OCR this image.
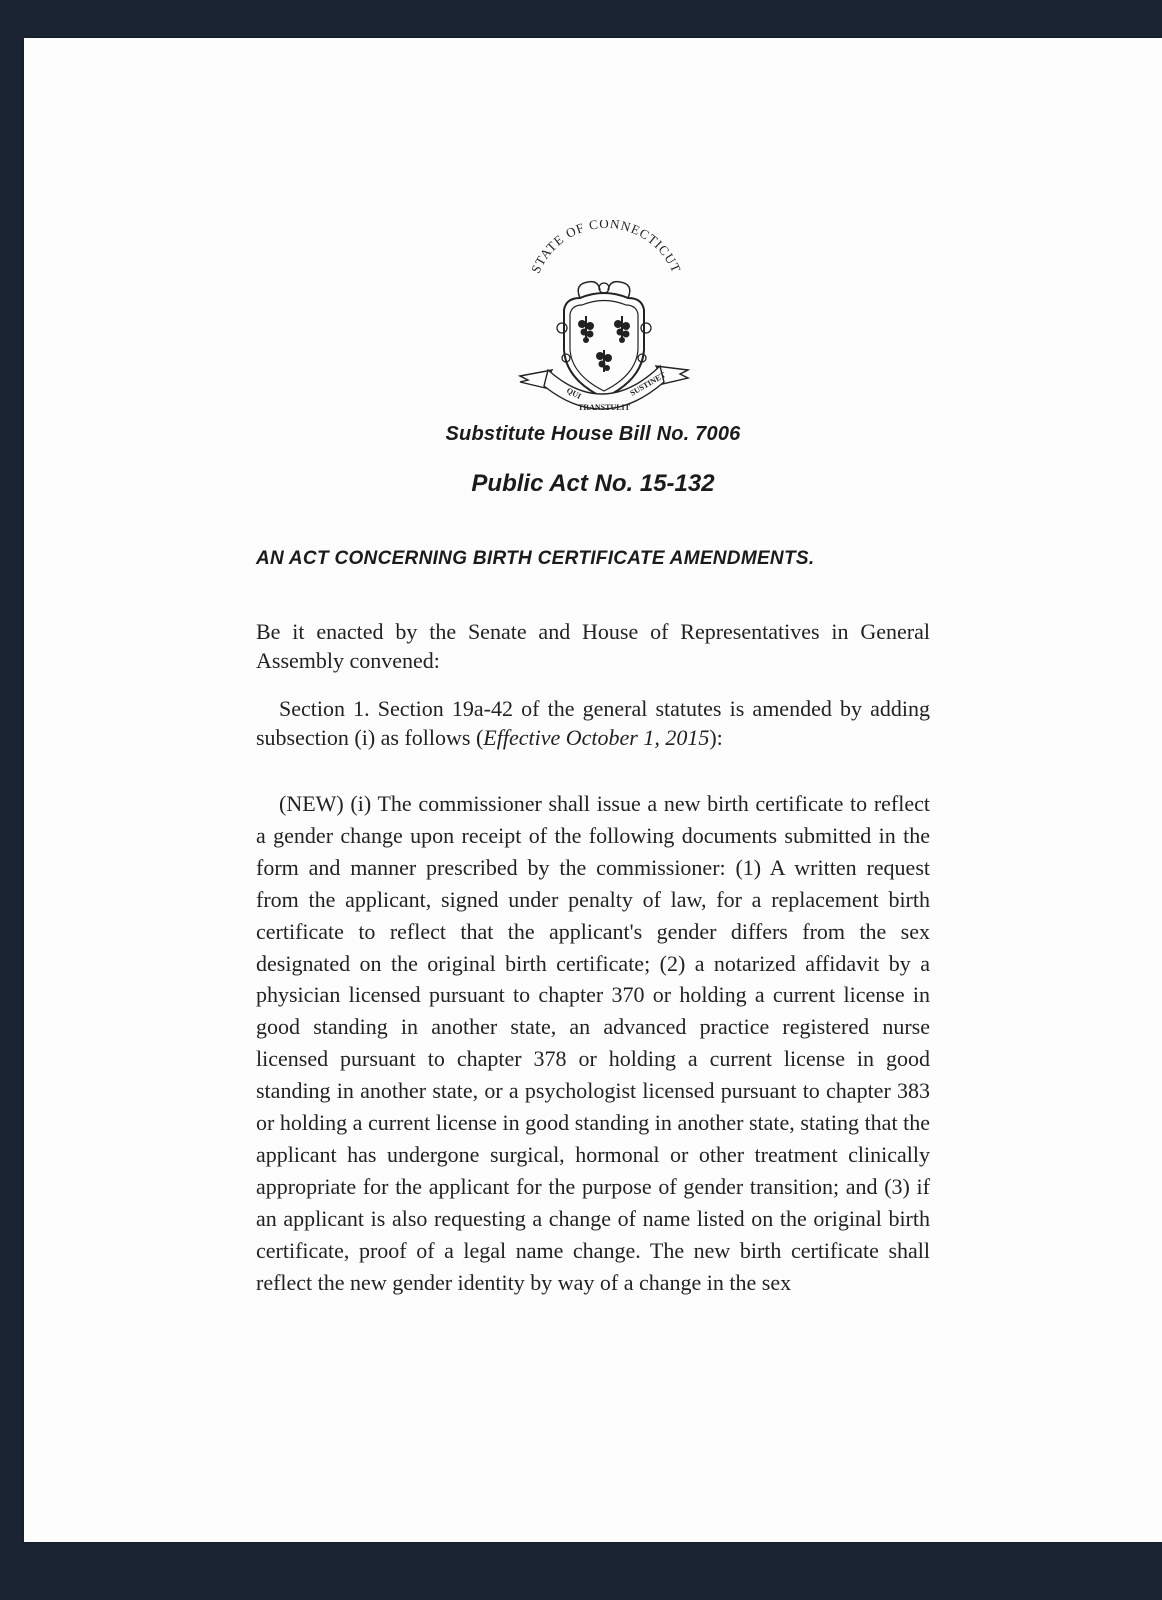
STATE OF CONNECTICUT
QUI
TRANSTULIT
SUSTINET
Substitute House Bill No. 7006
Public Act No. 15-132
AN ACT CONCERNING BIRTH CERTIFICATE AMENDMENTS.
Be it enacted by the Senate and House of Representatives in General Assembly convened:
Section 1. Section 19a-42 of the general statutes is amended by adding subsection (i) as follows (Effective October 1, 2015):
(NEW) (i) The commissioner shall issue a new birth certificate to reflect a gender change upon receipt of the following documents submitted in the form and manner prescribed by the commissioner: (1) A written request from the applicant, signed under penalty of law, for a replacement birth certificate to reflect that the applicant's gender differs from the sex designated on the original birth certificate; (2) a notarized affidavit by a physician licensed pursuant to chapter 370 or holding a current license in good standing in another state, an advanced practice registered nurse licensed pursuant to chapter 378 or holding a current license in good standing in another state, or a psychologist licensed pursuant to chapter 383 or holding a current license in good standing in another state, stating that the applicant has undergone surgical, hormonal or other treatment clinically appropriate for the applicant for the purpose of gender transition; and (3) if an applicant is also requesting a change of name listed on the original birth certificate, proof of a legal name change. The new birth certificate shall reflect the new gender identity by way of a change in the sex
